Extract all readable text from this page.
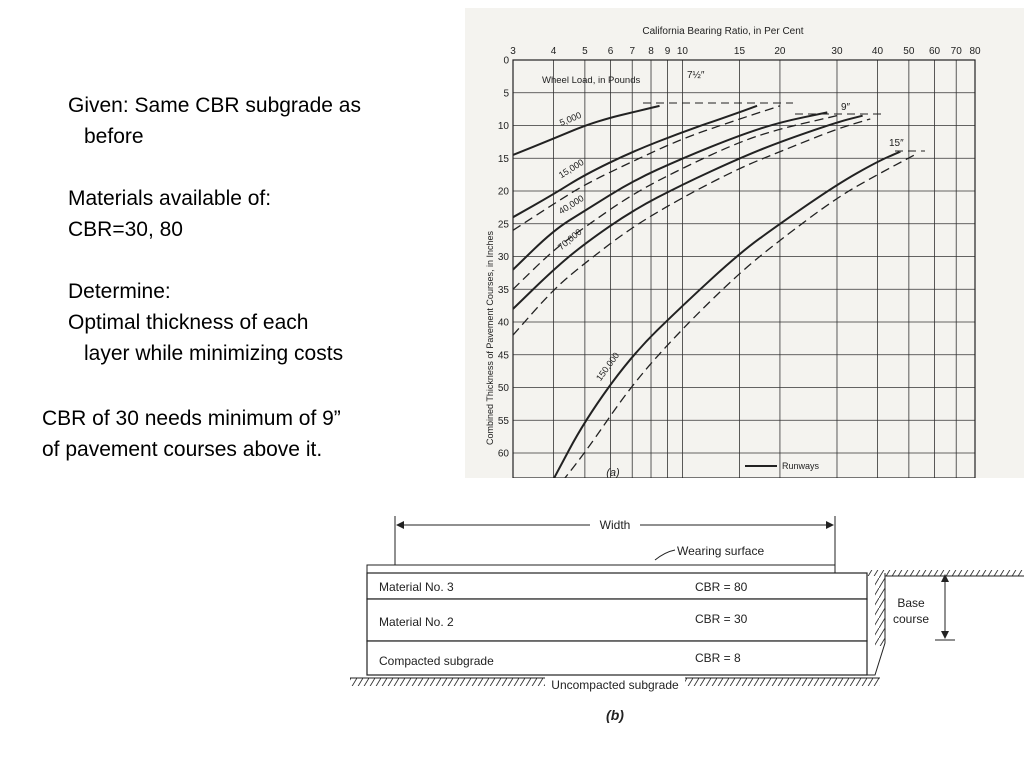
Given: Same CBR subgrade as
before
Materials available of:
CBR=30, 80
Determine:
Optimal thickness of each
layer while minimizing costs
CBR of 30 needs minimum of 9”
of pavement courses above it.
California Bearing Ratio, in Per Cent
3	4	5 6 7 8 9 10	15	20	30	40 50 60 70 80
0
5
10
15
20
25
30
35
40
45
50
55
60
5,000
15,000
40,000
70,000
150,000
Combined Thickness of Pavement Courses, in Inches
Wheel Load, in Pounds
Runways
7½″
9″
15″
(a)
Width
Wearing surface
Material No. 3	CBR = 80
Material No. 2	CBR = 30
Compacted subgrade	CBR = 8
Base
course
Uncompacted subgrade
(b)
